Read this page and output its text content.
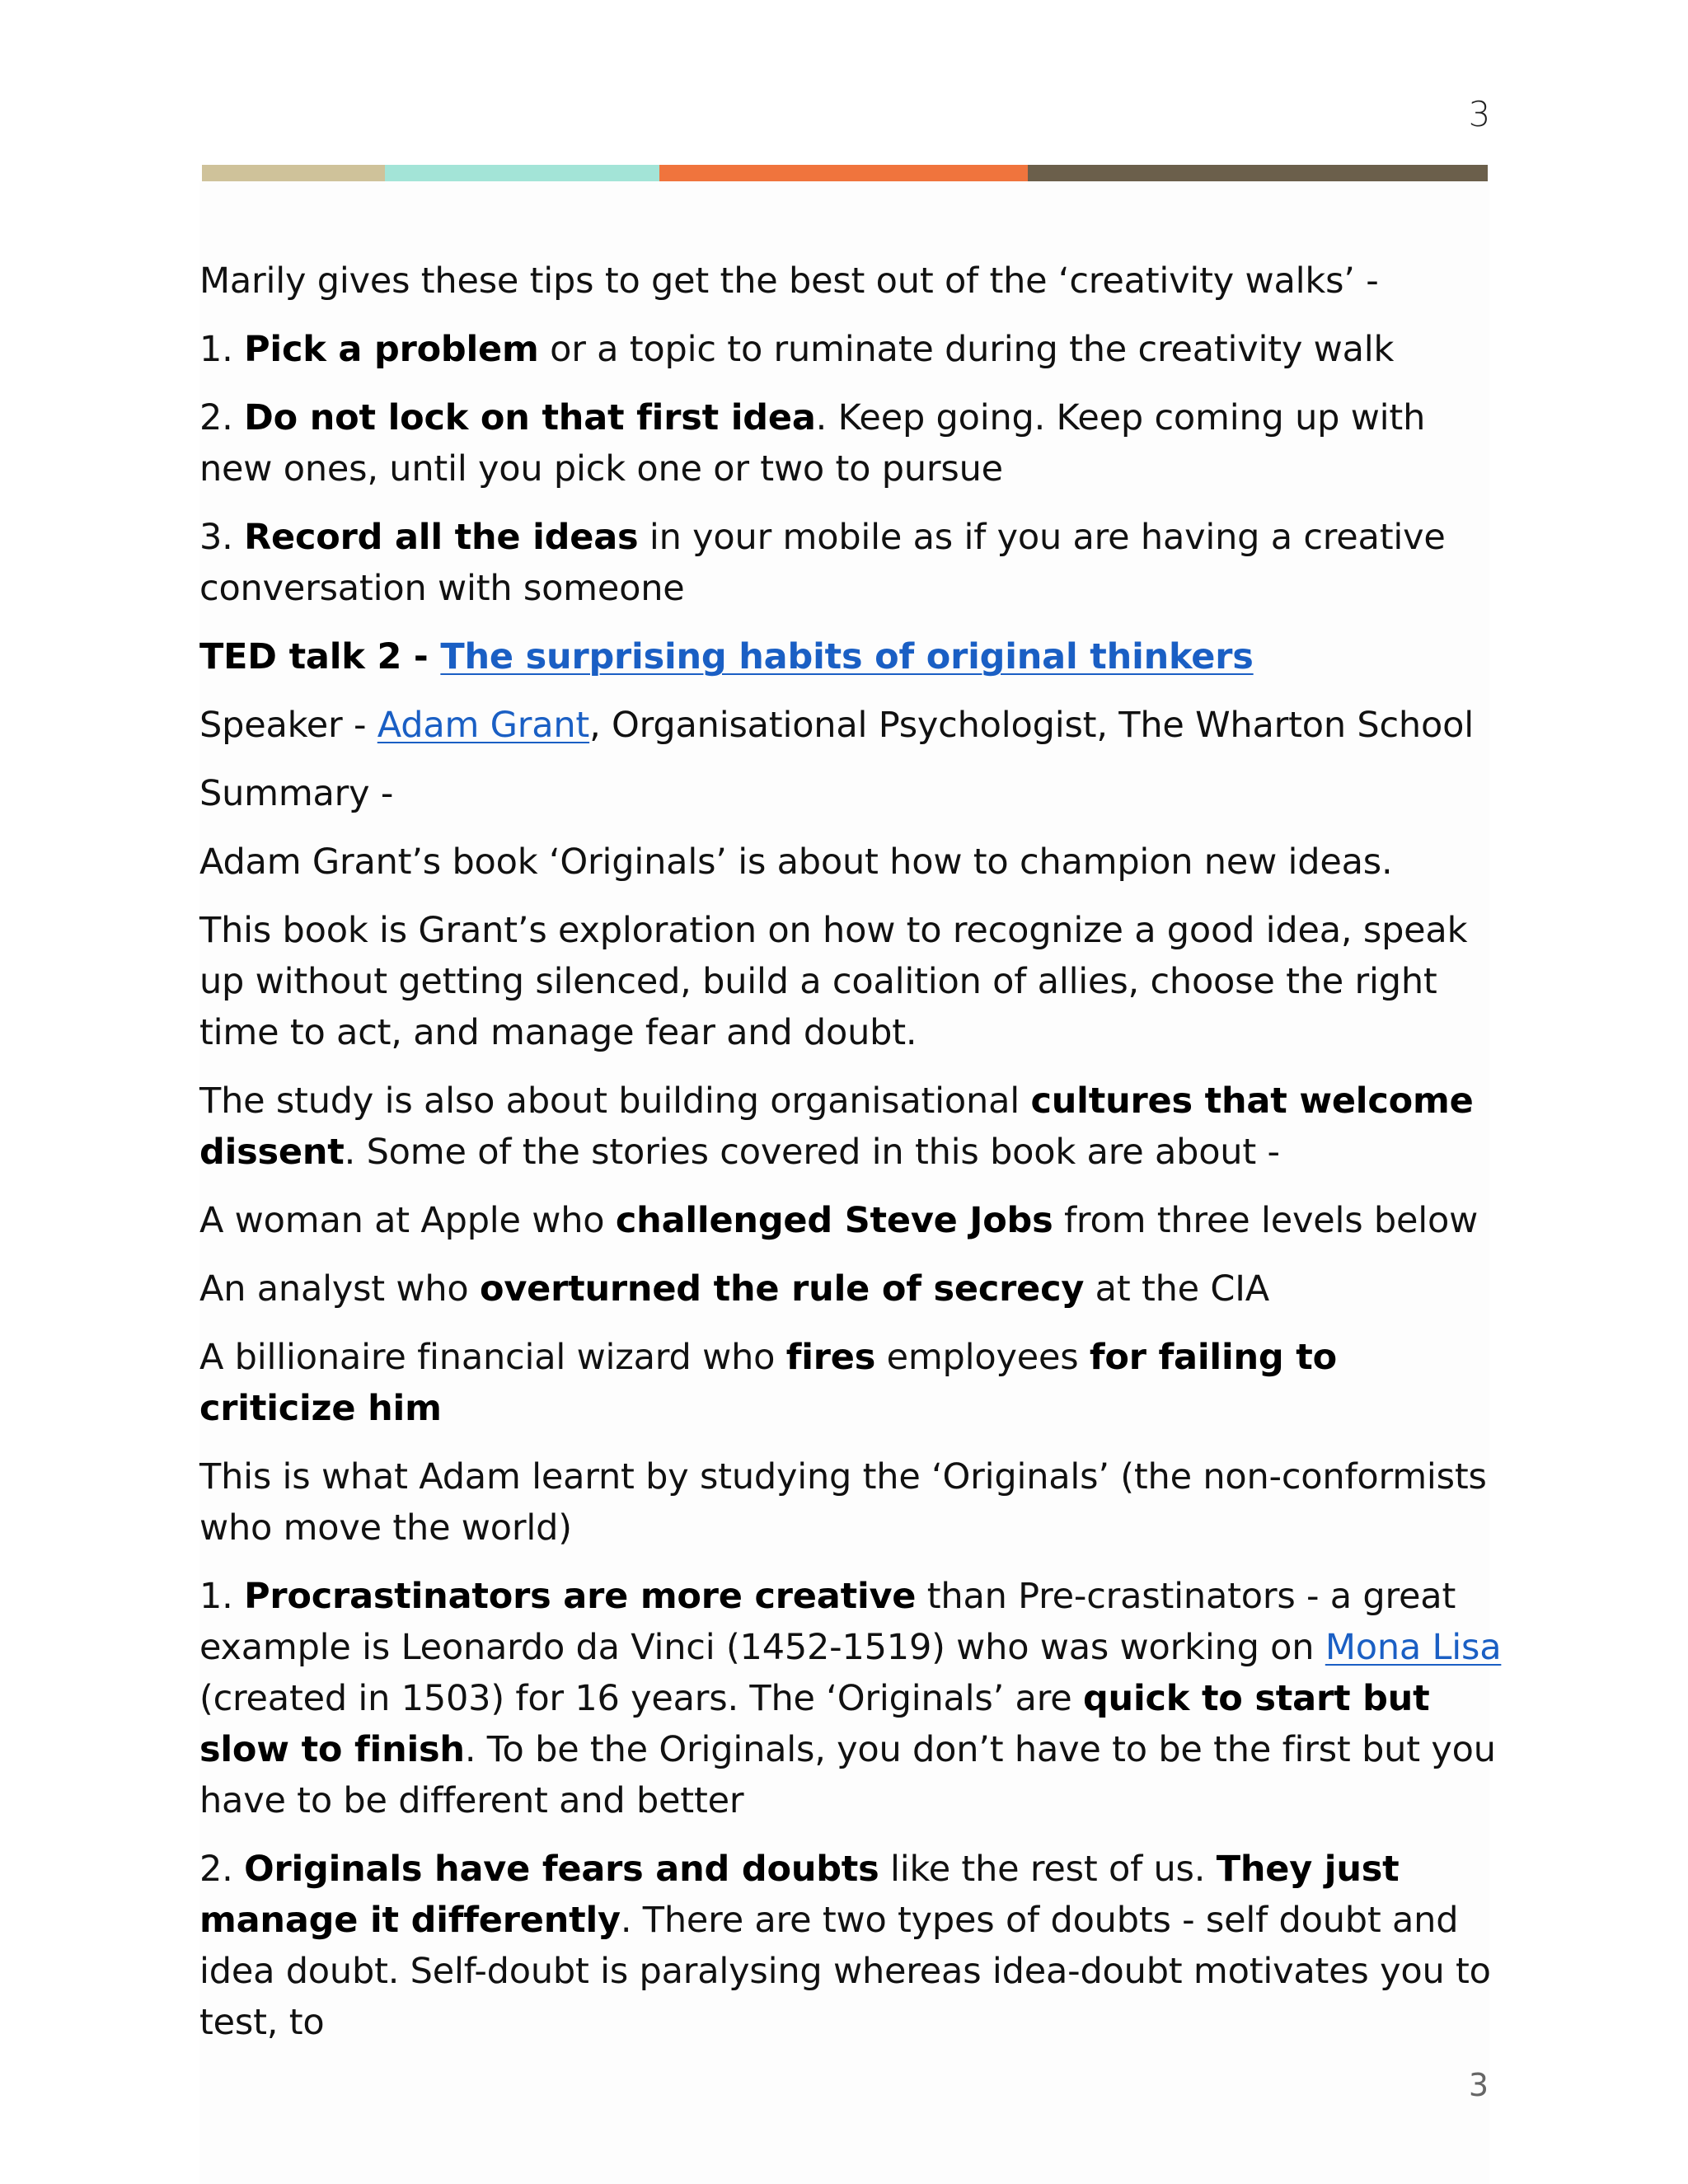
3

Marily gives these tips to get the best out of the ‘creativity walks’ -

1. Pick a problem or a topic to ruminate during the creativity walk

2. Do not lock on that first idea. Keep going. Keep coming up with new ones, until you pick one or two to pursue

3. Record all the ideas in your mobile as if you are having a creative conversation with someone

TED talk 2 - The surprising habits of original thinkers

Speaker - Adam Grant, Organisational Psychologist, The Wharton School

Summary -

Adam Grant’s book ‘Originals’ is about how to champion new ideas.

This book is Grant’s exploration on how to recognize a good idea, speak up without getting silenced, build a coalition of allies, choose the right time to act, and manage fear and doubt.

The study is also about building organisational cultures that welcome dissent. Some of the stories covered in this book are about -

A woman at Apple who challenged Steve Jobs from three levels below

An analyst who overturned the rule of secrecy at the CIA

A billionaire financial wizard who fires employees for failing to criticize him

This is what Adam learnt by studying the ‘Originals’ (the non-conformists who move the world)

1. Procrastinators are more creative than Pre-crastinators - a great example is Leonardo da Vinci (1452-1519) who was working on Mona Lisa (created in 1503) for 16 years. The ‘Originals’ are quick to start but slow to finish. To be the Originals, you don’t have to be the first but you have to be different and better

2. Originals have fears and doubts like the rest of us. They just manage it differently. There are two types of doubts - self doubt and idea doubt. Self-doubt is paralysing whereas idea-doubt motivates you to test, to

3
